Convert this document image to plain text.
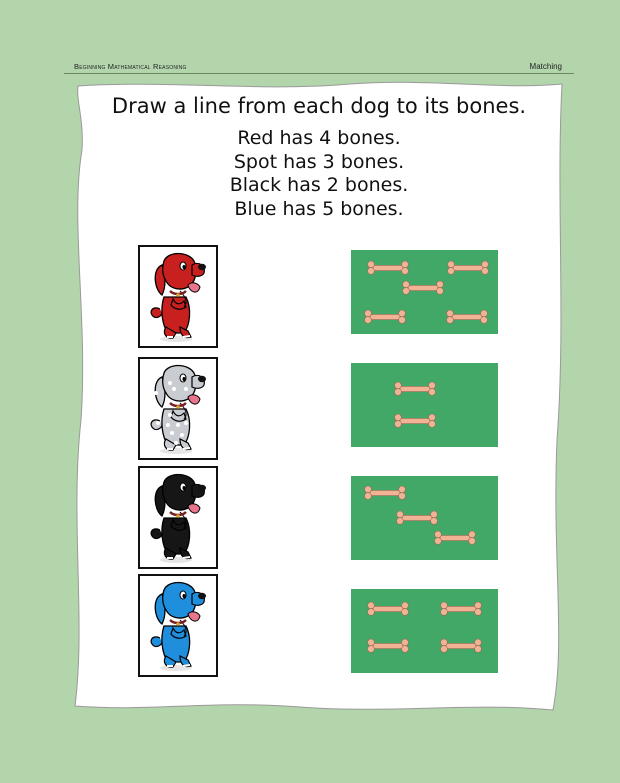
Beginning Mathematical Reasoning	Matching
Draw a line from each dog to its bones.
Red has 4 bones.
Spot has 3 bones.
Black has 2 bones.
Blue has 5 bones.
